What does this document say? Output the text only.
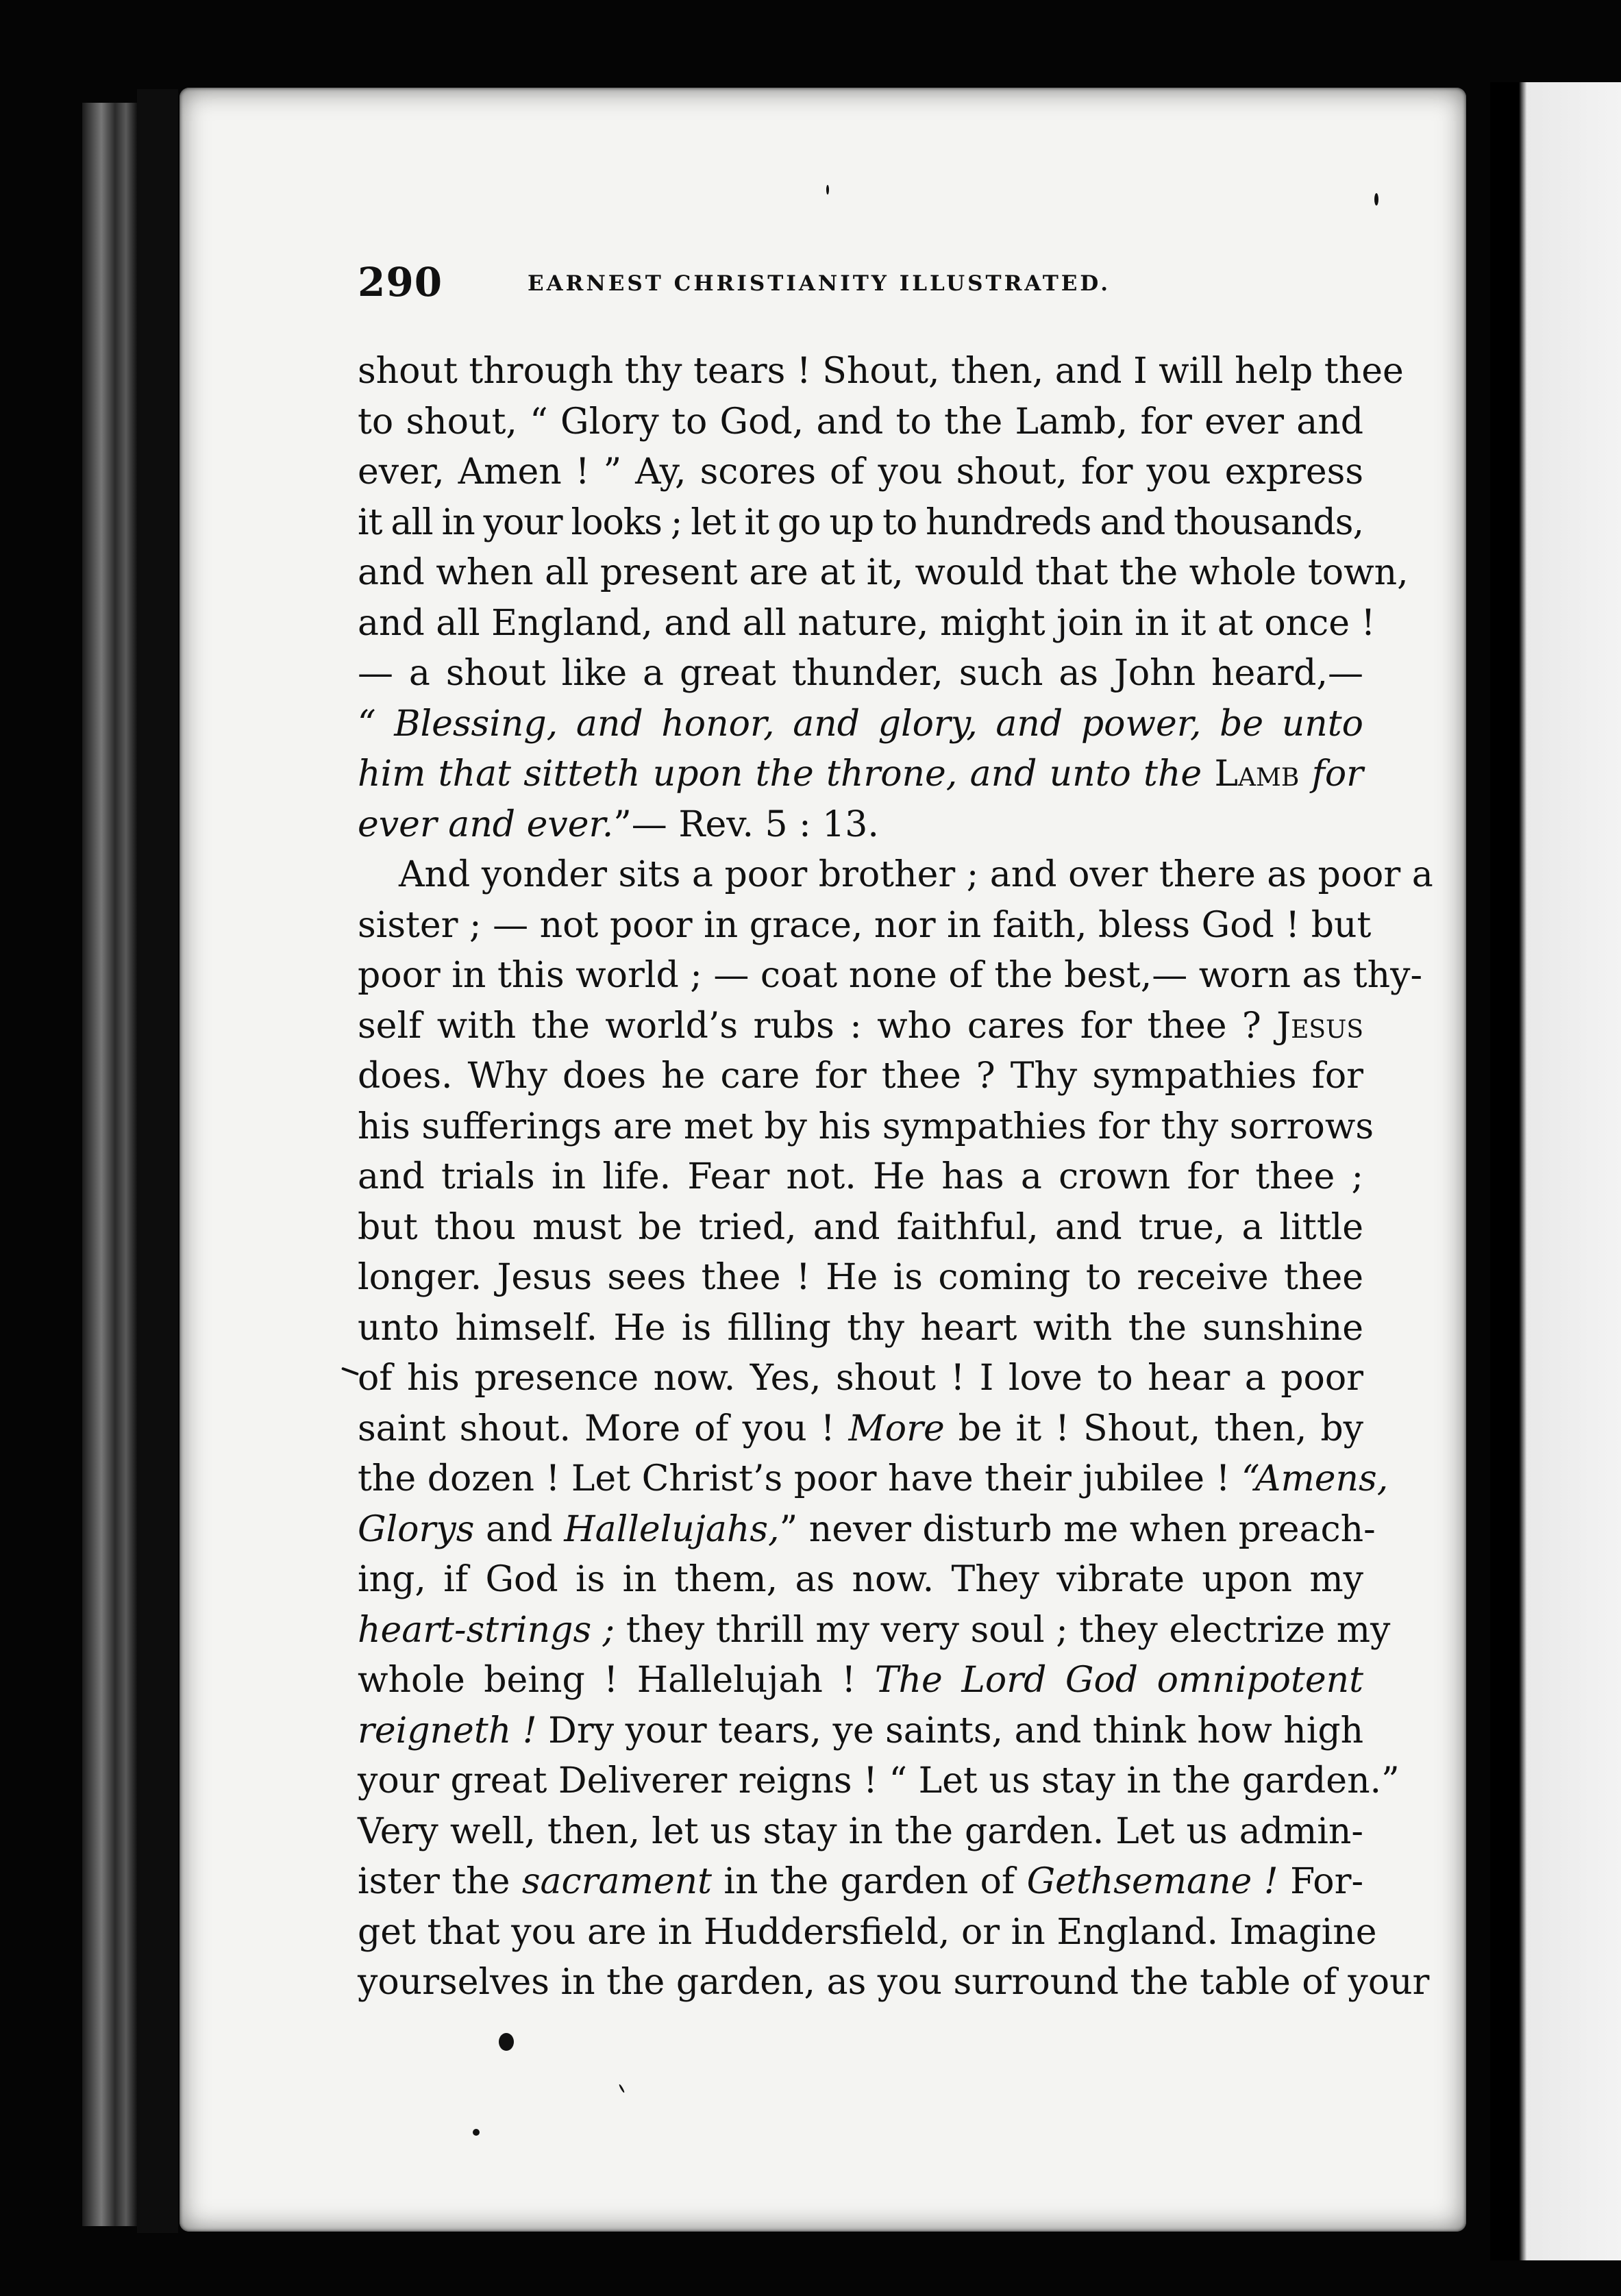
290	EARNEST CHRISTIANITY ILLUSTRATED.
shout through thy tears ! Shout, then, and I will help thee
to shout, “ Glory to God, and to the Lamb, for ever and
ever, Amen ! ” Ay, scores of you shout, for you express
it all in your looks ; let it go up to hundreds and thousands,
and when all present are at it, would that the whole town,
and all England, and all nature, might join in it at once !
— a shout like a great thunder, such as John heard,—
“ Blessing, and honor, and glory, and power, be unto
him that sitteth upon the throne, and unto the Lamb for
ever and ever.”— Rev. 5 : 13.
And yonder sits a poor brother ; and over there as poor a
sister ; — not poor in grace, nor in faith, bless God ! but
poor in this world ; — coat none of the best,— worn as thy-
self with the world’s rubs : who cares for thee ? Jesus
does. Why does he care for thee ? Thy sympathies for
his sufferings are met by his sympathies for thy sorrows
and trials in life. Fear not. He has a crown for thee ;
but thou must be tried, and faithful, and true, a little
longer. Jesus sees thee ! He is coming to receive thee
unto himself. He is filling thy heart with the sunshine
of his presence now. Yes, shout ! I love to hear a poor
saint shout. More of you ! More be it ! Shout, then, by
the dozen ! Let Christ’s poor have their jubilee ! “Amens,
Glorys and Hallelujahs,” never disturb me when preach-
ing, if God is in them, as now. They vibrate upon my
heart-strings ; they thrill my very soul ; they electrize my
whole being ! Hallelujah ! The Lord God omnipotent
reigneth ! Dry your tears, ye saints, and think how high
your great Deliverer reigns ! “ Let us stay in the garden.”
Very well, then, let us stay in the garden. Let us admin-
ister the sacrament in the garden of Gethsemane ! For-
get that you are in Huddersfield, or in England. Imagine
yourselves in the garden, as you surround the table of your
